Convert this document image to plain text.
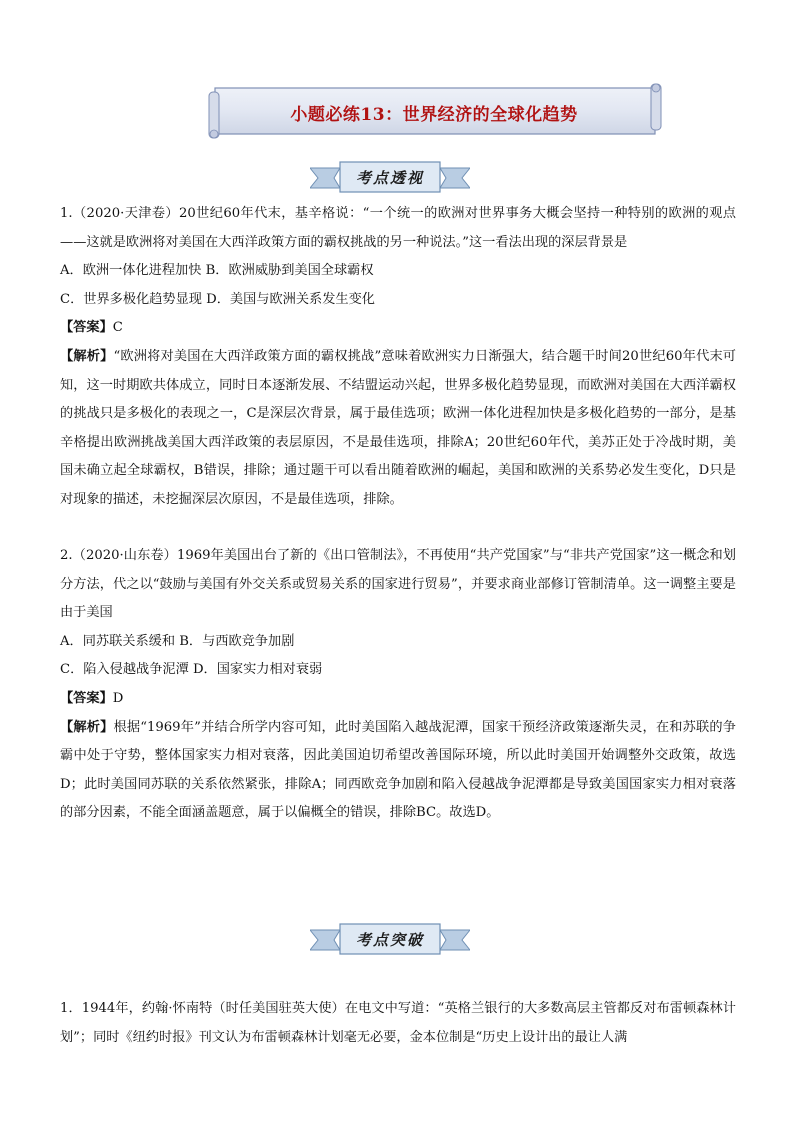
小题必练13：世界经济的全球化趋势
考点透视

1.（2020·天津卷）20世纪60年代末，基辛格说：“一个统一的欧洲对世界事务大概会坚持一种特别的欧洲的观点——这就是欧洲将对美国在大西洋政策方面的霸权挑战的另一种说法。”这一看法出现的深层背景是

A．欧洲一体化进程加快 B．欧洲威胁到美国全球霸权

C．世界多极化趋势显现 D．美国与欧洲关系发生变化

【答案】C

【解析】“欧洲将对美国在大西洋政策方面的霸权挑战”意味着欧洲实力日渐强大，结合题干时间20世纪60年代末可知，这一时期欧共体成立，同时日本逐渐发展、不结盟运动兴起，世界多极化趋势显现，而欧洲对美国在大西洋霸权的挑战只是多极化的表现之一，C是深层次背景，属于最佳选项；欧洲一体化进程加快是多极化趋势的一部分，是基辛格提出欧洲挑战美国大西洋政策的表层原因，不是最佳选项，排除A；20世纪60年代，美苏正处于冷战时期，美国未确立起全球霸权，B错误，排除；通过题干可以看出随着欧洲的崛起，美国和欧洲的关系势必发生变化，D只是对现象的描述，未挖掘深层次原因，不是最佳选项，排除。

2.（2020·山东卷）1969年美国出台了新的《出口管制法》，不再使用“共产党国家”与“非共产党国家”这一概念和划分方法，代之以“鼓励与美国有外交关系或贸易关系的国家进行贸易”，并要求商业部修订管制清单。这一调整主要是由于美国

A．同苏联关系缓和 B．与西欧竞争加剧

C．陷入侵越战争泥潭 D．国家实力相对衰弱

【答案】D

【解析】根据“1969年”并结合所学内容可知，此时美国陷入越战泥潭，国家干预经济政策逐渐失灵，在和苏联的争霸中处于守势，整体国家实力相对衰落，因此美国迫切希望改善国际环境，所以此时美国开始调整外交政策，故选D；此时美国同苏联的关系依然紧张，排除A；同西欧竞争加剧和陷入侵越战争泥潭都是导致美国国家实力相对衰落的部分因素，不能全面涵盖题意，属于以偏概全的错误，排除BC。故选D。

考点突破

1．1944年，约翰·怀南特（时任美国驻英大使）在电文中写道：“英格兰银行的大多数高层主管都反对布雷顿森林计划”；同时《纽约时报》刊文认为布雷顿森林计划毫无必要，金本位制是“历史上设计出的最让人满
